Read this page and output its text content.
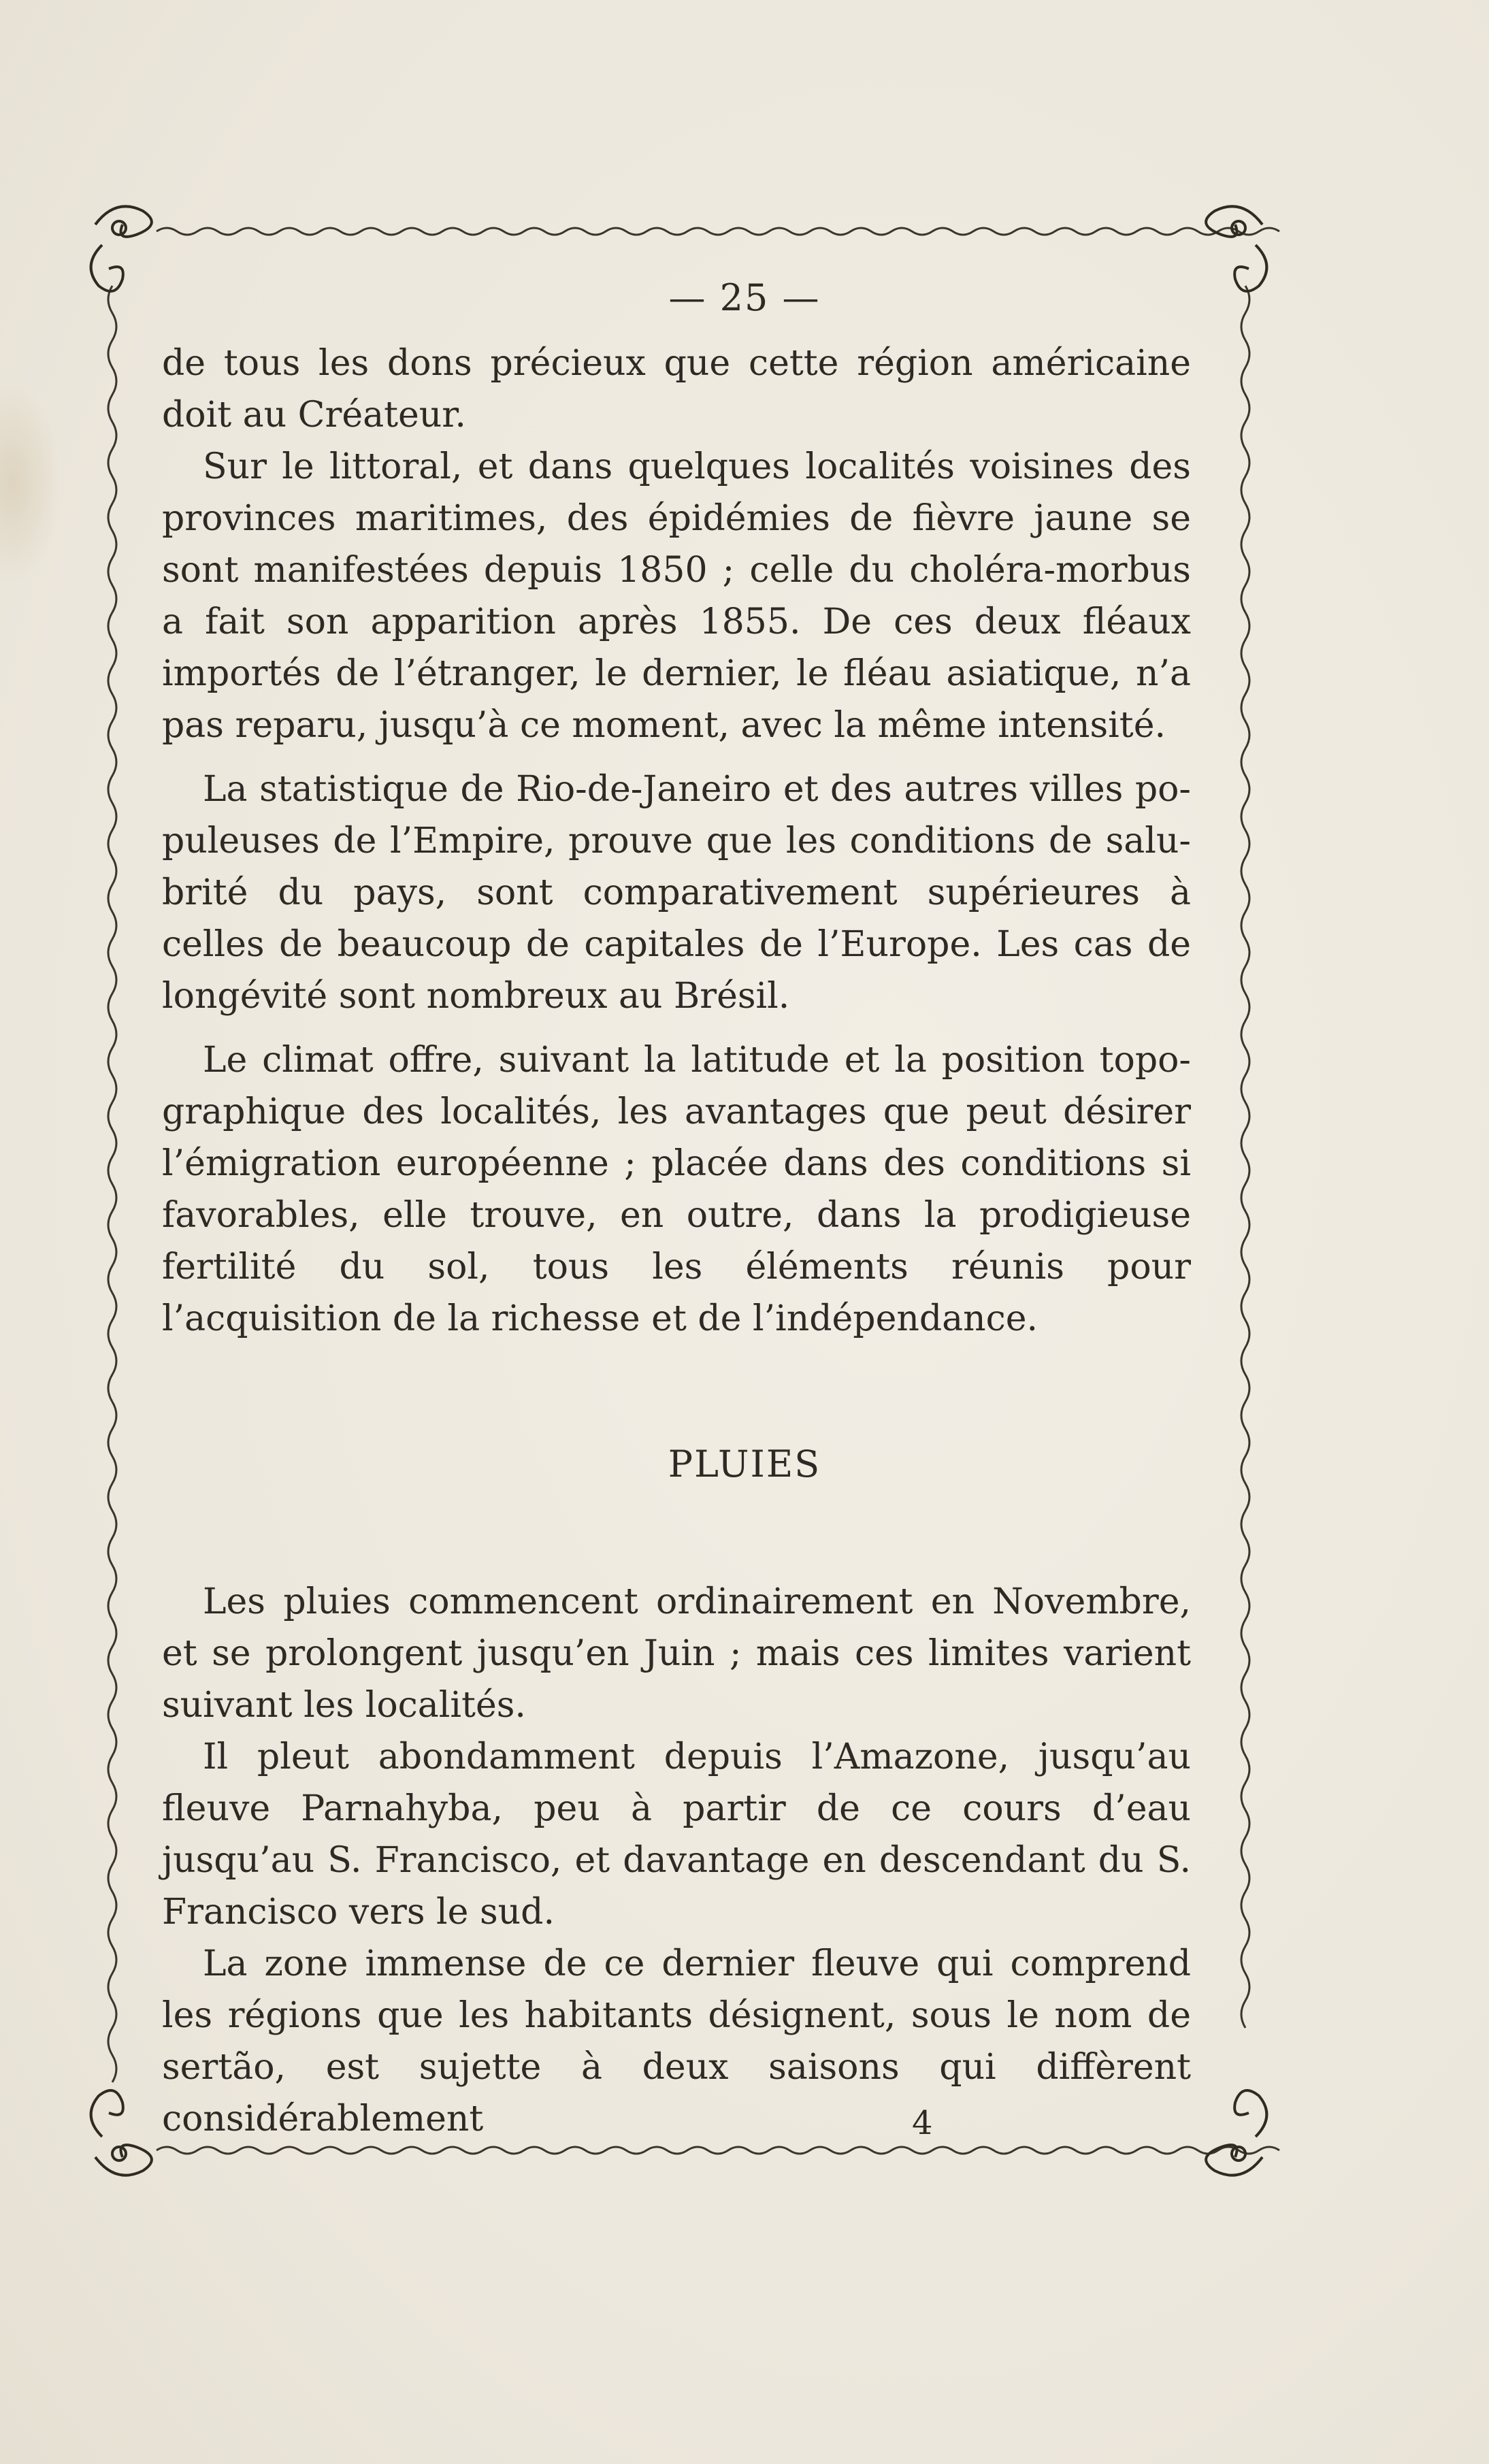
— 25 —

de tous les dons précieux que cette région américaine doit au Créateur.

Sur le littoral, et dans quelques localités voisines des provinces maritimes, des épidémies de fièvre jaune se sont manifestées depuis 1850 ; celle du choléra-morbus a fait son apparition après 1855. De ces deux fléaux importés de l’étranger, le dernier, le fléau asiatique, n’a pas reparu, jusqu’à ce moment, avec la même intensité.

La statistique de Rio-de-Janeiro et des autres villes populeuses de l’Empire, prouve que les conditions de salubrité du pays, sont comparativement supérieures à celles de beaucoup de capitales de l’Europe. Les cas de longévité sont nombreux au Brésil.

Le climat offre, suivant la latitude et la position topographique des localités, les avantages que peut désirer l’émigration européenne ; placée dans des conditions si favorables, elle trouve, en outre, dans la prodigieuse fertilité du sol, tous les éléments réunis pour l’acquisition de la richesse et de l’indépendance.

PLUIES

Les pluies commencent ordinairement en Novembre, et se prolongent jusqu’en Juin ; mais ces limites varient suivant les localités.

Il pleut abondamment depuis l’Amazone, jusqu’au fleuve Parnahyba, peu à partir de ce cours d’eau jusqu’au S. Francisco, et davantage en descendant du S. Francisco vers le sud.

La zone immense de ce dernier fleuve qui comprend les régions que les habitants désignent, sous le nom de sertão, est sujette à deux saisons qui diffèrent considérablement	4
